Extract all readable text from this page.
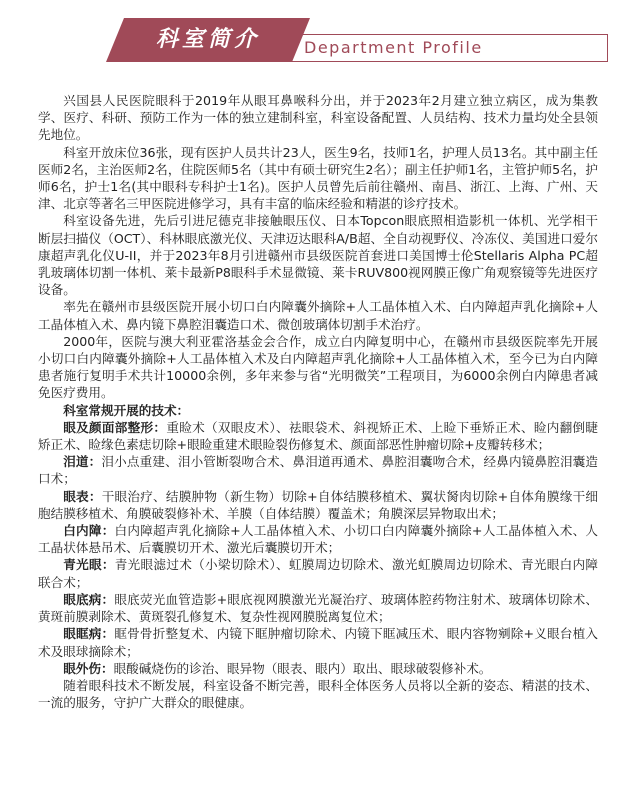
科室简介	Department Profile

兴国县人民医院眼科于2019年从眼耳鼻喉科分出，并于2023年2月建立独立病区，成为集教学、医疗、科研、预防工作为一体的独立建制科室，科室设备配置、人员结构、技术力量均处全县领先地位。

科室开放床位36张，现有医护人员共计23人，医生9名，技师1名，护理人员13名。其中副主任医师2名，主治医师2名，住院医师5名（其中有硕士研究生2名）；副主任护师1名，主管护师5名，护师6名，护士1名(其中眼科专科护士1名)。医护人员曾先后前往赣州、南昌、浙江、上海、广州、天津、北京等著名三甲医院进修学习，具有丰富的临床经验和精湛的诊疗技术。

科室设备先进，先后引进尼德克非接触眼压仪、日本Topcon眼底照相造影机一体机、光学相干断层扫描仪（OCT）、科林眼底激光仪、天津迈达眼科A/B超、全自动视野仪、冷冻仪、美国进口爱尔康超声乳化仪U-II，并于2023年8月引进赣州市县级医院首套进口美国博士伦Stellaris Alpha PC超乳玻璃体切割一体机、莱卡最新P8眼科手术显微镜、莱卡RUV800视网膜正像广角观察镜等先进医疗设备。

率先在赣州市县级医院开展小切口白内障囊外摘除+人工晶体植入术、白内障超声乳化摘除+人工晶体植入术、鼻内镜下鼻腔泪囊造口术、微创玻璃体切割手术治疗。

2000年，医院与澳大利亚霍洛基金会合作，成立白内障复明中心，在赣州市县级医院率先开展小切口白内障囊外摘除+人工晶体植入术及白内障超声乳化摘除+人工晶体植入术，至今已为白内障患者施行复明手术共计10000余例，多年来参与省“光明微笑”工程项目，为6000余例白内障患者减免医疗费用。

科室常规开展的技术：

眼及颜面部整形：重睑术（双眼皮术）、祛眼袋术、斜视矫正术、上睑下垂矫正术、睑内翻倒睫矫正术、睑缘色素痣切除+眼睑重建术眼睑裂伤修复术、颜面部恶性肿瘤切除+皮瓣转移术；

泪道：泪小点重建、泪小管断裂吻合术、鼻泪道再通术、鼻腔泪囊吻合术，经鼻内镜鼻腔泪囊造口术；

眼表：干眼治疗、结膜肿物（新生物）切除+自体结膜移植术、翼状胬肉切除+自体角膜缘干细胞结膜移植术、角膜破裂修补术、羊膜（自体结膜）覆盖术；角膜深层异物取出术；

白内障：白内障超声乳化摘除+人工晶体植入术、小切口白内障囊外摘除+人工晶体植入术、人工晶状体悬吊术、后囊膜切开术、激光后囊膜切开术；

青光眼：青光眼滤过术（小梁切除术）、虹膜周边切除术、激光虹膜周边切除术、青光眼白内障联合术；

眼底病：眼底荧光血管造影+眼底视网膜激光光凝治疗、玻璃体腔药物注射术、玻璃体切除术、黄斑前膜剥除术、黄斑裂孔修复术、复杂性视网膜脱离复位术；

眼眶病：眶骨骨折整复术、内镜下眶肿瘤切除术、内镜下眶减压术、眼内容物剜除+义眼台植入术及眼球摘除术；

眼外伤：眼酸碱烧伤的诊治、眼异物（眼表、眼内）取出、眼球破裂修补术。

随着眼科技术不断发展，科室设备不断完善，眼科全体医务人员将以全新的姿态、精湛的技术、一流的服务，守护广大群众的眼健康。
